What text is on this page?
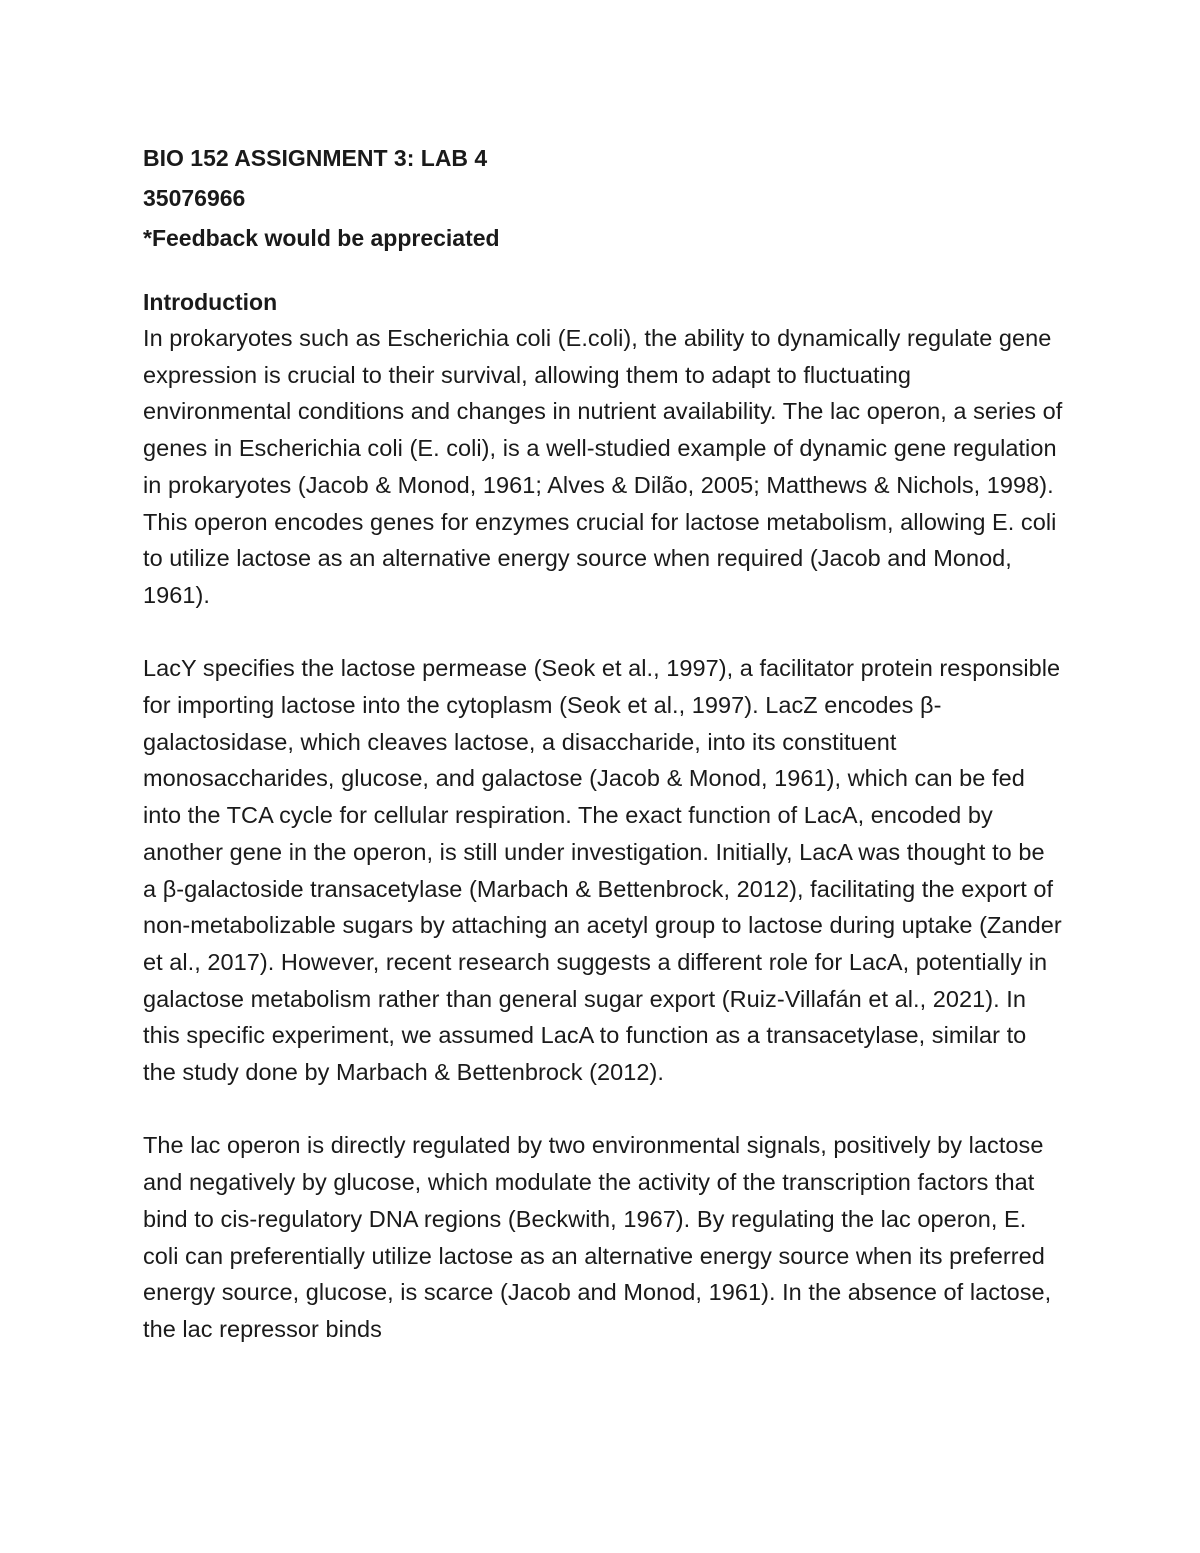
BIO 152 ASSIGNMENT 3: LAB 4

35076966

*Feedback would be appreciated

Introduction

In prokaryotes such as Escherichia coli (E.coli), the ability to dynamically regulate gene expression is crucial to their survival, allowing them to adapt to fluctuating environmental conditions and changes in nutrient availability. The lac operon, a series of genes in Escherichia coli (E. coli), is a well-studied example of dynamic gene regulation in prokaryotes (Jacob & Monod, 1961; Alves & Dilão, 2005; Matthews & Nichols, 1998). This operon encodes genes for enzymes crucial for lactose metabolism, allowing E. coli to utilize lactose as an alternative energy source when required (Jacob and Monod, 1961).

LacY specifies the lactose permease (Seok et al., 1997), a facilitator protein responsible for importing lactose into the cytoplasm (Seok et al., 1997). LacZ encodes β-galactosidase, which cleaves lactose, a disaccharide, into its constituent monosaccharides, glucose, and galactose (Jacob & Monod, 1961), which can be fed into the TCA cycle for cellular respiration. The exact function of LacA, encoded by another gene in the operon, is still under investigation. Initially, LacA was thought to be a β-galactoside transacetylase (Marbach & Bettenbrock, 2012), facilitating the export of non-metabolizable sugars by attaching an acetyl group to lactose during uptake (Zander et al., 2017). However, recent research suggests a different role for LacA, potentially in galactose metabolism rather than general sugar export (Ruiz-Villafán et al., 2021). In this specific experiment, we assumed LacA to function as a transacetylase, similar to the study done by Marbach & Bettenbrock (2012).

The lac operon is directly regulated by two environmental signals, positively by lactose and negatively by glucose, which modulate the activity of the transcription factors that bind to cis-regulatory DNA regions (Beckwith, 1967). By regulating the lac operon, E. coli can preferentially utilize lactose as an alternative energy source when its preferred energy source, glucose, is scarce (Jacob and Monod, 1961). In the absence of lactose, the lac repressor binds
